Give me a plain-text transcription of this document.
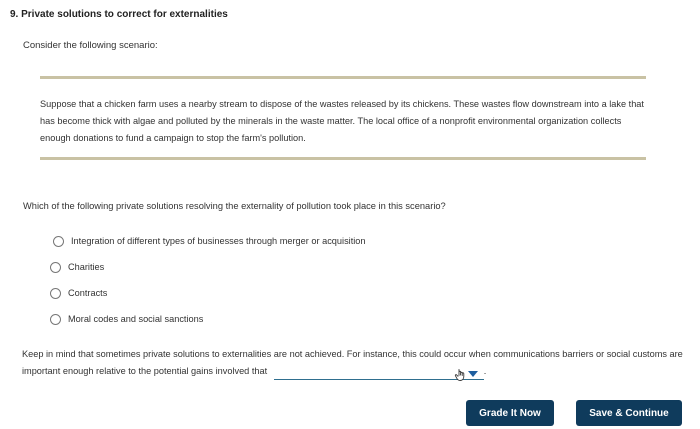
9. Private solutions to correct for externalities
Consider the following scenario:
Suppose that a chicken farm uses a nearby stream to dispose of the wastes released by its chickens. These wastes flow downstream into a lake that has become thick with algae and polluted by the minerals in the waste matter. The local office of a nonprofit environmental organization collects enough donations to fund a campaign to stop the farm's pollution.
Which of the following private solutions resolving the externality of pollution took place in this scenario?
Integration of different types of businesses through merger or acquisition
Charities
Contracts
Moral codes and social sanctions
Keep in mind that sometimes private solutions to externalities are not achieved. For instance, this could occur when communications barriers or social customs are important enough relative to the potential gains involved that	.
Grade It Now	Save & Continue
